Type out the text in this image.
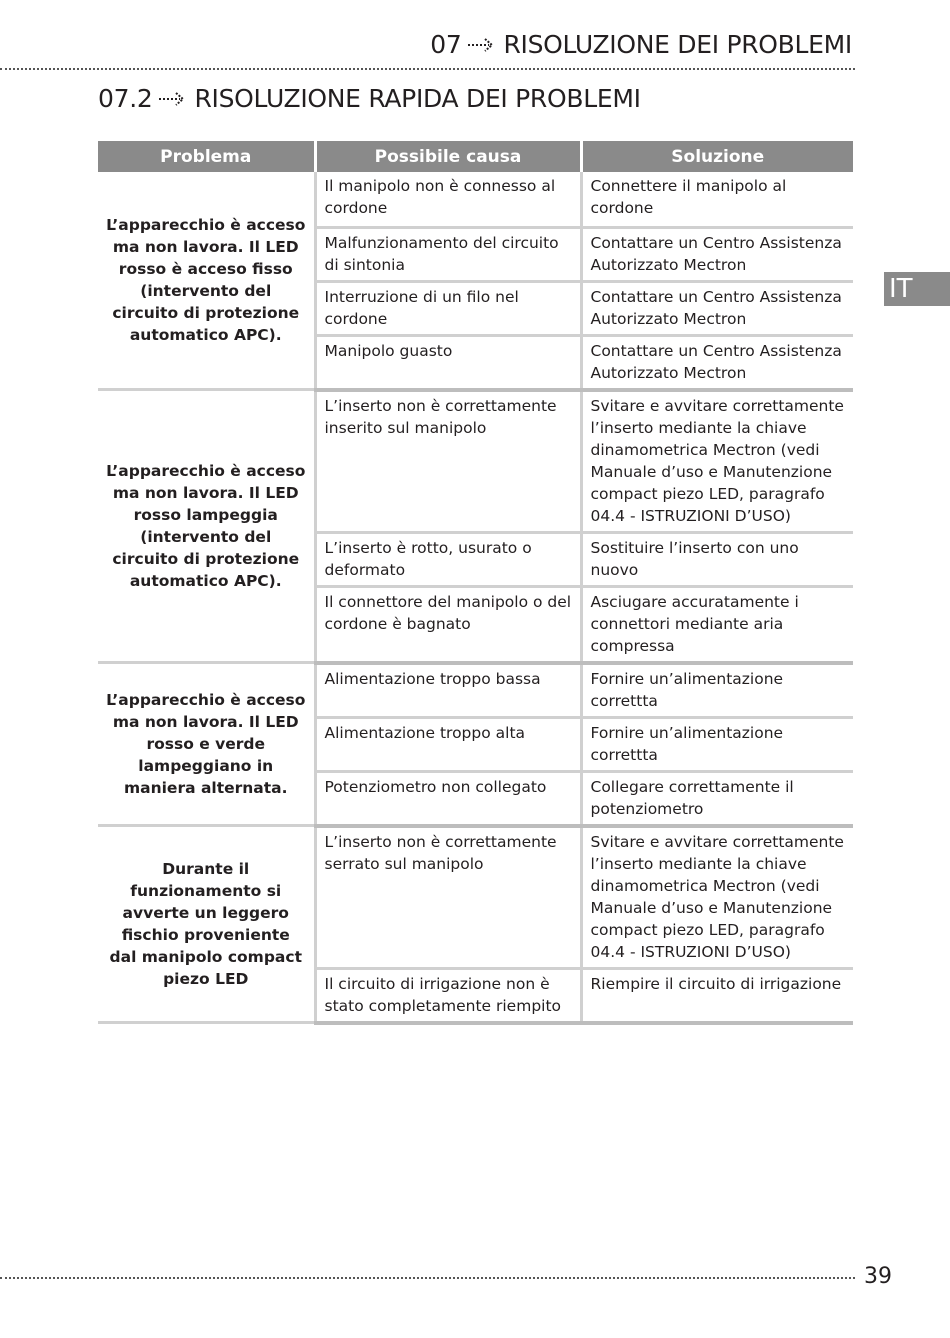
07 RISOLUZIONE DEI PROBLEMI
07.2 RISOLUZIONE RAPIDA DEI PROBLEMI
IT
Problema	Possibile causa	Soluzione
L’apparecchio è acceso ma non lavora. Il LED rosso è acceso fisso (intervento del circuito di protezione automatico APC).	Il manipolo non è connesso al cordone	Connettere il manipolo al cordone
	Malfunzionamento del circuito di sintonia	Contattare un Centro Assistenza Autorizzato Mectron
	Interruzione di un filo nel cordone	Contattare un Centro Assistenza Autorizzato Mectron
	Manipolo guasto	Contattare un Centro Assistenza Autorizzato Mectron
L’apparecchio è acceso ma non lavora. Il LED rosso lampeggia (intervento del circuito di protezione automatico APC).	L’inserto non è correttamente inserito sul manipolo	Svitare e avvitare correttamente l’inserto mediante la chiave dinamometrica Mectron (vedi Manuale d’uso e Manutenzione compact piezo LED, paragrafo 04.4 - ISTRUZIONI D’USO)
	L’inserto è rotto, usurato o deformato	Sostituire l’inserto con uno nuovo
	Il connettore del manipolo o del cordone è bagnato	Asciugare accuratamente i connettori mediante aria compressa
L’apparecchio è acceso ma non lavora. Il LED rosso e verde lampeggiano in maniera alternata.	Alimentazione troppo bassa	Fornire un’alimentazione correttta
	Alimentazione troppo alta	Fornire un’alimentazione correttta
	Potenziometro non collegato	Collegare correttamente il potenziometro
Durante il funzionamento si avverte un leggero fischio proveniente dal manipolo compact piezo LED	L’inserto non è correttamente serrato sul manipolo	Svitare e avvitare correttamente l’inserto mediante la chiave dinamometrica Mectron (vedi Manuale d’uso e Manutenzione compact piezo LED, paragrafo 04.4 - ISTRUZIONI D’USO)
	Il circuito di irrigazione non è stato completamente riempito	Riempire il circuito di irrigazione
39
